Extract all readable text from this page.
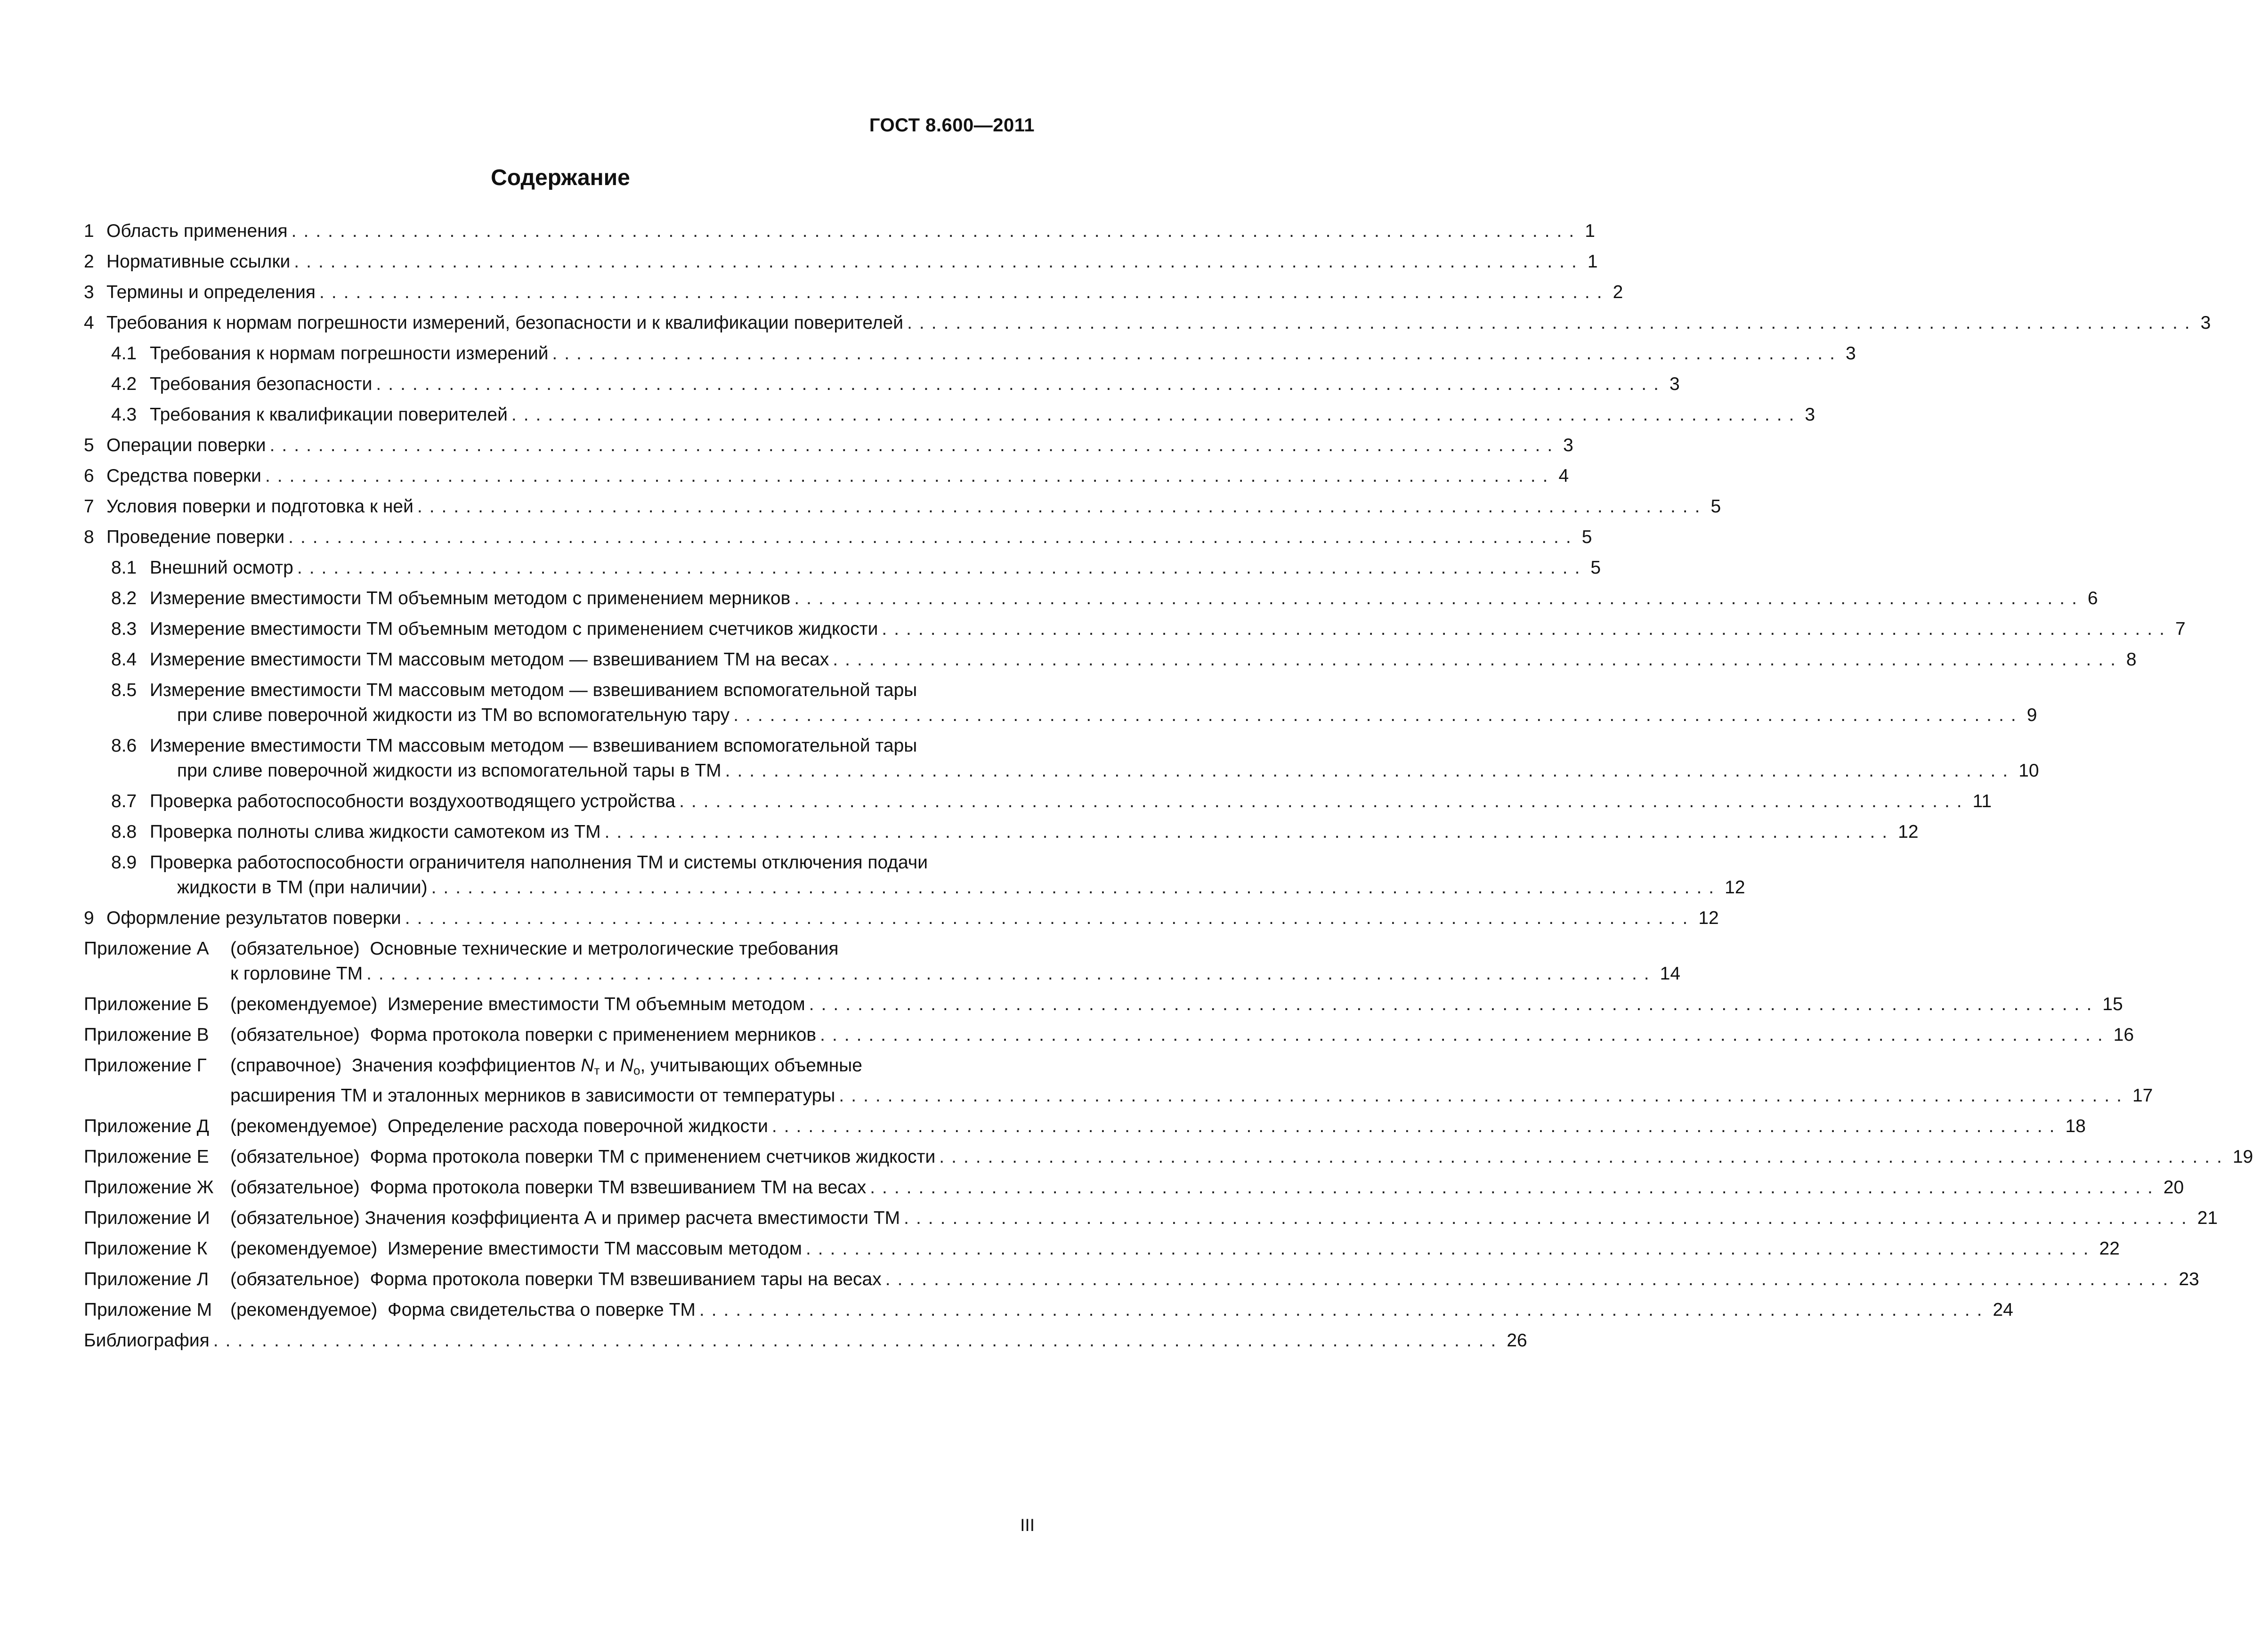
ГОСТ 8.600—2011
Содержание
1 Область применения .......................................................................................................... 1
2 Нормативные ссылки .......................................................................................................... 1
3 Термины и определения .......................................................................................................... 2
4 Требования к нормам погрешности измерений, безопасности и к квалификации поверителей .......................................................................................................... 3
4.1 Требования к нормам погрешности измерений .......................................................................................................... 3
4.2 Требования безопасности .......................................................................................................... 3
4.3 Требования к квалификации поверителей .......................................................................................................... 3
5 Операции поверки .......................................................................................................... 3
6 Средства поверки .......................................................................................................... 4
7 Условия поверки и подготовка к ней .......................................................................................................... 5
8 Проведение поверки .......................................................................................................... 5
8.1 Внешний осмотр .......................................................................................................... 5
8.2 Измерение вместимости ТМ объемным методом с применением мерников .......................................................................................................... 6
8.3 Измерение вместимости ТМ объемным методом с применением счетчиков жидкости .......................................................................................................... 7
8.4 Измерение вместимости ТМ массовым методом — взвешиванием ТМ на весах .......................................................................................................... 8
8.5 Измерение вместимости ТМ массовым методом — взвешиванием вспомогательной тары
при сливе поверочной жидкости из ТМ во вспомогательную тару .......................................................................................................... 9
8.6 Измерение вместимости ТМ массовым методом — взвешиванием вспомогательной тары
при сливе поверочной жидкости из вспомогательной тары в ТМ .......................................................................................................... 10
8.7 Проверка работоспособности воздухоотводящего устройства .......................................................................................................... 11
8.8 Проверка полноты слива жидкости самотеком из ТМ .......................................................................................................... 12
8.9 Проверка работоспособности ограничителя наполнения ТМ и системы отключения подачи
жидкости в ТМ (при наличии) .......................................................................................................... 12
9 Оформление результатов поверки .......................................................................................................... 12
Приложение А	(обязательное)
Основные технические и метрологические требования
к горловине ТМ .......................................................................................................... 14
Приложение Б	(рекомендуемое)
Измерение вместимости ТМ объемным методом .......................................................................................................... 15
Приложение В	(обязательное)
Форма протокола поверки с применением мерников .......................................................................................................... 16
Приложение Г	(справочное)
Значения коэффициентов $N_т$ и $N_о$, учитывающих объемные
расширения ТМ и эталонных мерников в зависимости от температуры .......................................................................................................... 17
Приложение Д	(рекомендуемое)
Определение расхода поверочной жидкости .......................................................................................................... 18
Приложение Е	(обязательное)
Форма протокола поверки ТМ с применением счетчиков жидкости .......................................................................................................... 19
Приложение Ж (обязательное)
Форма протокола поверки ТМ взвешиванием ТМ на весах .......................................................................................................... 20
Приложение И	(обязательное)
Значения коэффициента А и пример расчета вместимости ТМ .......................................................................................................... 21
Приложение К	(рекомендуемое)
Измерение вместимости ТМ массовым методом .......................................................................................................... 22
Приложение Л	(обязательное)
Форма протокола поверки ТМ взвешиванием тары на весах .......................................................................................................... 23
Приложение М (рекомендуемое)
Форма свидетельства о поверке ТМ .......................................................................................................... 24
Библиография .......................................................................................................... 26
III
